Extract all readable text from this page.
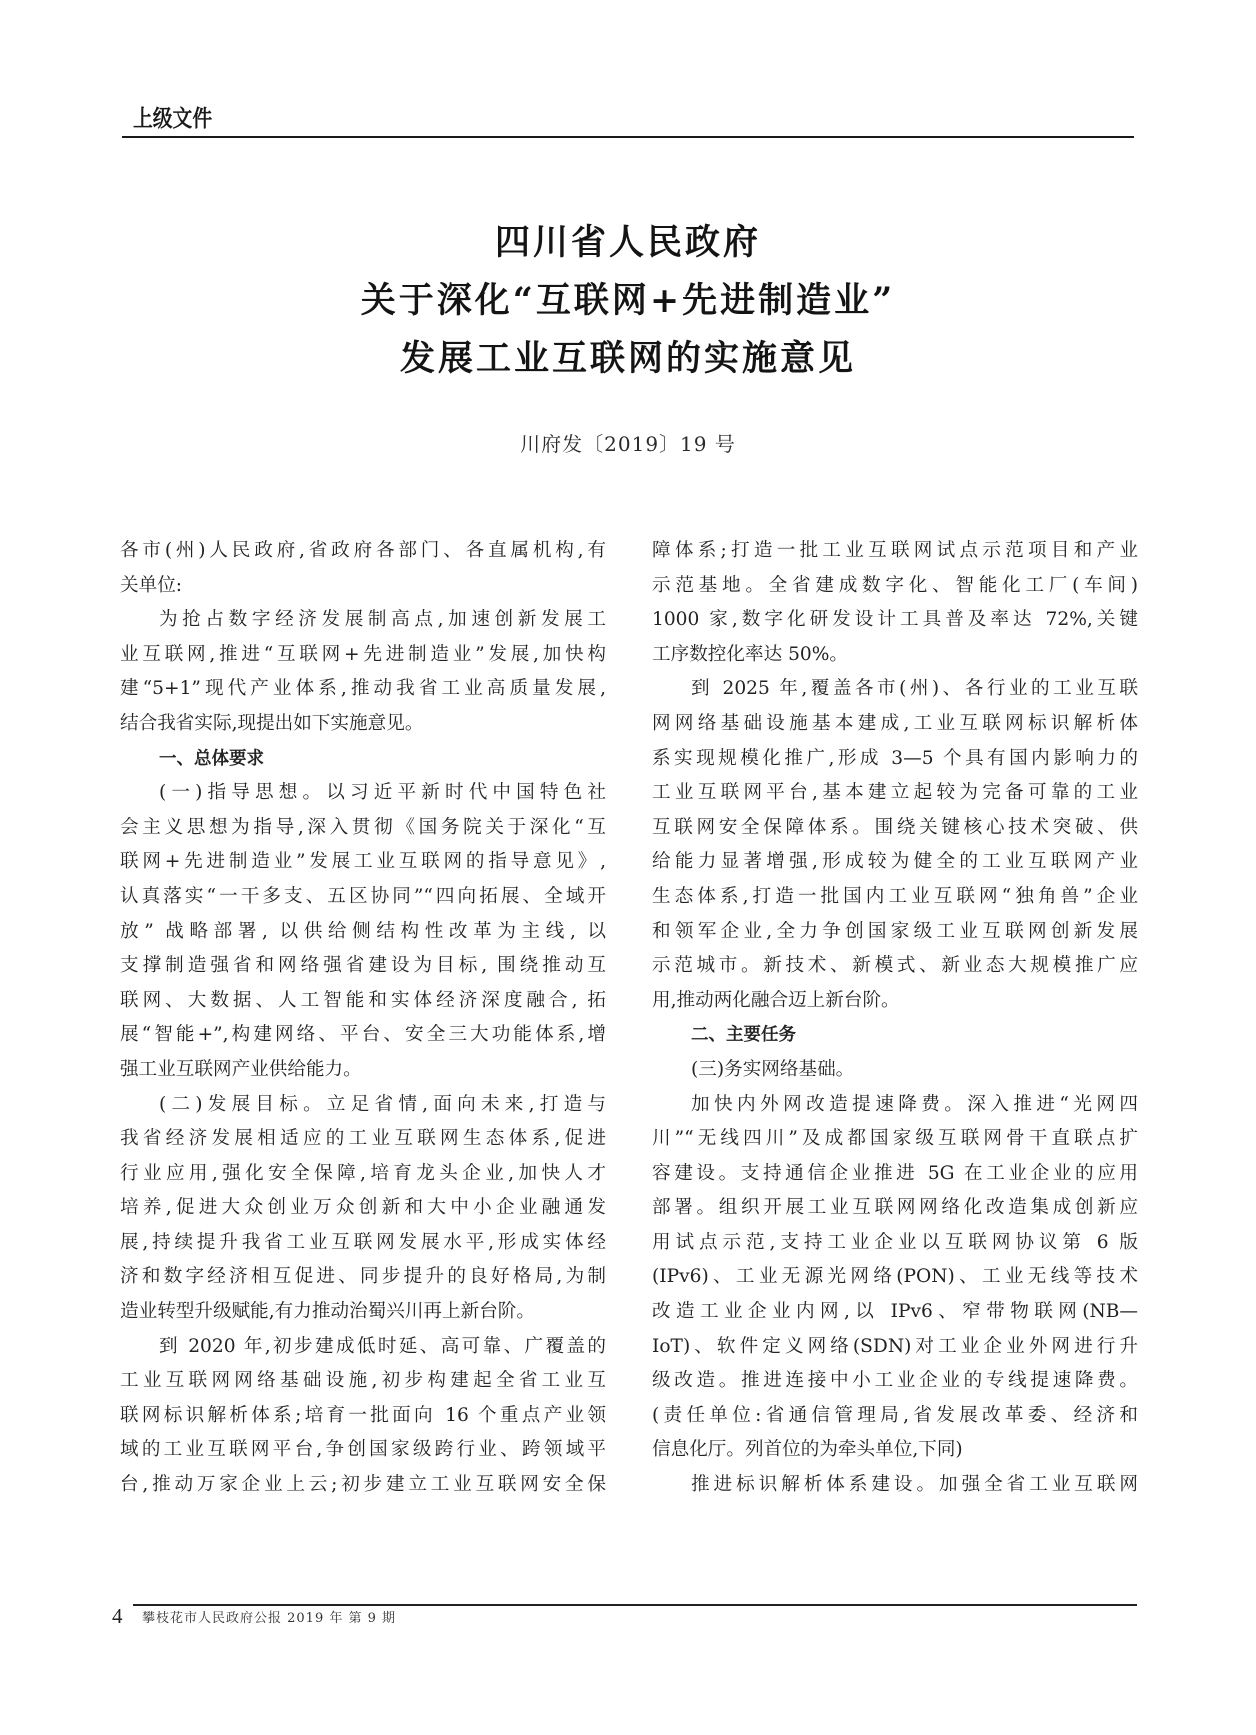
上级文件
四川省人民政府
关于深化“互联网+先进制造业”
发展工业互联网的实施意见
川府发〔2019〕19 号
各市(州)人民政府,省政府各部门、各直属机构,有
关单位:
为抢占数字经济发展制高点,加速创新发展工
业互联网,推进“互联网+先进制造业”发展,加快构
建“5+1”现代产业体系,推动我省工业高质量发展,
结合我省实际,现提出如下实施意见。
一、总体要求
(一)指导思想。以习近平新时代中国特色社
会主义思想为指导,深入贯彻《国务院关于深化“互
联网+先进制造业”发展工业互联网的指导意见》,
认真落实“一干多支、五区协同”“四向拓展、全域开
放” 战略部署, 以供给侧结构性改革为主线, 以
支撑制造强省和网络强省建设为目标, 围绕推动互
联网、大数据、人工智能和实体经济深度融合, 拓
展“智能+”,构建网络、平台、安全三大功能体系,增
强工业互联网产业供给能力。
(二)发展目标。立足省情,面向未来,打造与
我省经济发展相适应的工业互联网生态体系,促进
行业应用,强化安全保障,培育龙头企业,加快人才
培养,促进大众创业万众创新和大中小企业融通发
展,持续提升我省工业互联网发展水平,形成实体经
济和数字经济相互促进、同步提升的良好格局,为制
造业转型升级赋能,有力推动治蜀兴川再上新台阶。
到 2020 年,初步建成低时延、高可靠、广覆盖的
工业互联网网络基础设施,初步构建起全省工业互
联网标识解析体系;培育一批面向 16 个重点产业领
域的工业互联网平台,争创国家级跨行业、跨领域平
台,推动万家企业上云;初步建立工业互联网安全保
障体系;打造一批工业互联网试点示范项目和产业
示范基地。全省建成数字化、智能化工厂(车间)
1000 家,数字化研发设计工具普及率达 72%,关键
工序数控化率达 50%。
到 2025 年,覆盖各市(州)、各行业的工业互联
网网络基础设施基本建成,工业互联网标识解析体
系实现规模化推广,形成 3—5 个具有国内影响力的
工业互联网平台,基本建立起较为完备可靠的工业
互联网安全保障体系。围绕关键核心技术突破、供
给能力显著增强,形成较为健全的工业互联网产业
生态体系,打造一批国内工业互联网“独角兽”企业
和领军企业,全力争创国家级工业互联网创新发展
示范城市。新技术、新模式、新业态大规模推广应
用,推动两化融合迈上新台阶。
二、主要任务
(三)务实网络基础。
加快内外网改造提速降费。深入推进“光网四
川”“无线四川”及成都国家级互联网骨干直联点扩
容建设。支持通信企业推进 5G 在工业企业的应用
部署。组织开展工业互联网网络化改造集成创新应
用试点示范,支持工业企业以互联网协议第 6 版
(IPv6)、工业无源光网络(PON)、工业无线等技术
改造工业企业内网,以 IPv6、窄带物联网(NB—
IoT)、软件定义网络(SDN)对工业企业外网进行升
级改造。推进连接中小工业企业的专线提速降费。
(责任单位:省通信管理局,省发展改革委、经济和
信息化厅。列首位的为牵头单位,下同)
推进标识解析体系建设。加强全省工业互联网
4 攀枝花市人民政府公报 2019 年 第 9 期
